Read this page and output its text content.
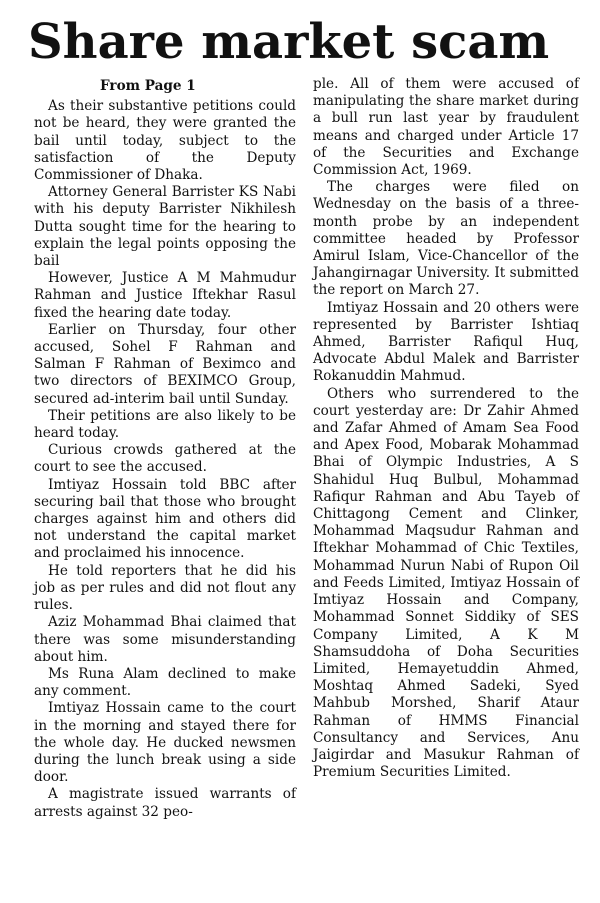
Share market scam
From Page 1

As their substantive petitions could not be heard, they were granted the bail until today, subject to the satisfaction of the Deputy Commissioner of Dhaka.

Attorney General Barrister KS Nabi with his deputy Barrister Nikhilesh Dutta sought time for the hearing to explain the legal points opposing the bail

However, Justice A M Mahmudur Rahman and Justice Iftekhar Rasul fixed the hearing date today.

Earlier on Thursday, four other accused, Sohel F Rahman and Salman F Rahman of Beximco and two directors of BEXIMCO Group, secured ad-interim bail until Sunday.

Their petitions are also likely to be heard today.

Curious crowds gathered at the court to see the accused.

Imtiyaz Hossain told BBC after securing bail that those who brought charges against him and others did not understand the capital market and proclaimed his innocence.

He told reporters that he did his job as per rules and did not flout any rules.

Aziz Mohammad Bhai claimed that there was some misunderstanding about him.

Ms Runa Alam declined to make any comment.

Imtiyaz Hossain came to the court in the morning and stayed there for the whole day. He ducked newsmen during the lunch break using a side door.

A magistrate issued warrants of arrests against 32 peo-

ple. All of them were accused of manipulating the share market during a bull run last year by fraudulent means and charged under Article 17 of the Securities and Exchange Commission Act, 1969.

The charges were filed on Wednesday on the basis of a three-month probe by an independent committee headed by Professor Amirul Islam, Vice-Chancellor of the Jahangirnagar University. It submitted the report on March 27.

Imtiyaz Hossain and 20 others were represented by Barrister Ishtiaq Ahmed, Barrister Rafiqul Huq, Advocate Abdul Malek and Barrister Rokanuddin Mahmud.

Others who surrendered to the court yesterday are: Dr Zahir Ahmed and Zafar Ahmed of Amam Sea Food and Apex Food, Mobarak Mohammad Bhai of Olympic Industries, A S Shahidul Huq Bulbul, Mohammad Rafiqur Rahman and Abu Tayeb of Chittagong Cement and Clinker, Mohammad Maqsudur Rahman and Iftekhar Mohammad of Chic Textiles, Mohammad Nurun Nabi of Rupon Oil and Feeds Limited, Imtiyaz Hossain of Imtiyaz Hossain and Company, Mohammad Sonnet Siddiky of SES Company Limited, A K M Shamsuddoha of Doha Securities Limited, Hemayetuddin Ahmed, Moshtaq Ahmed Sadeki, Syed Mahbub Morshed, Sharif Ataur Rahman of HMMS Financial Consultancy and Services, Anu Jaigirdar and Masukur Rahman of Premium Securities Limited.
